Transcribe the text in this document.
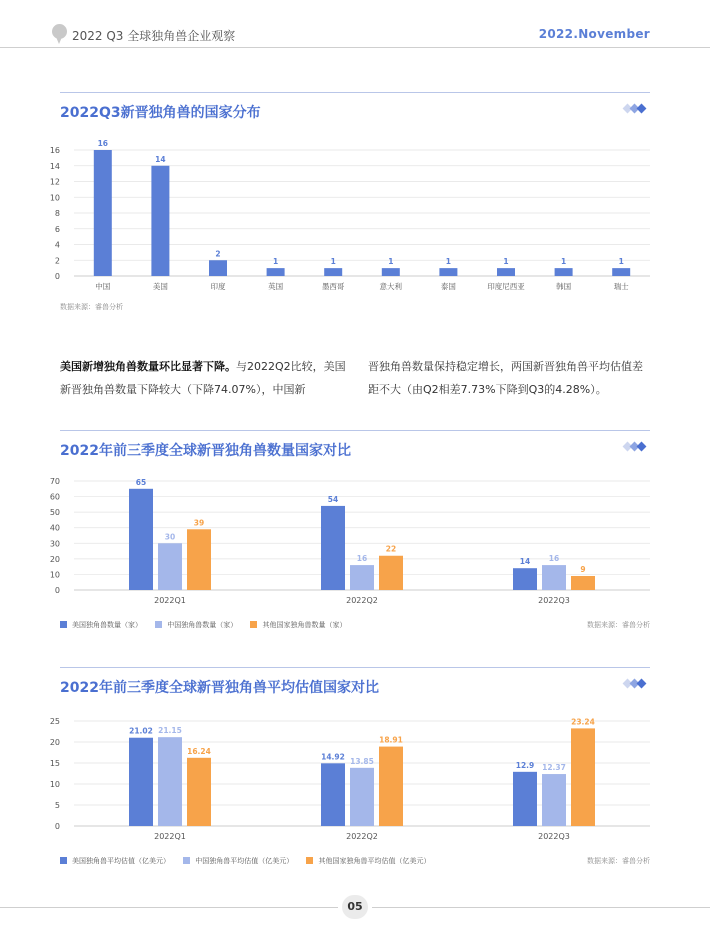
2022 Q3 全球独角兽企业观察	2022.November
2022Q3新晋独角兽的国家分布
0
2
4
6
8
10
12
14
16
16
中国
14
美国
2
印度
1
英国
1
墨西哥
1
意大利
1
泰国
1
印度尼西亚
1
韩国
1
瑞士
数据来源：睿兽分析
美国新增独角兽数量环比显著下降。与2022Q2比较，美国新晋独角兽数量下降较大（下降74.07%），中国新
晋独角兽数量保持稳定增长，两国新晋独角兽平均估值差距不大（由Q2相差7.73%下降到Q3的4.28%）。
2022年前三季度全球新晋独角兽数量国家对比
0
10
20
30
40
50
60
70	65
30
39
2022Q1
54
16
22
2022Q2
14 16
9
2022Q3
美国独角兽数量（家）	中国独角兽数量（家）	其他国家独角兽数量（家）	数据来源：睿兽分析
2022年前三季度全球新晋独角兽平均估值国家对比
0
5
10
15
20
25
21.02 21.15
16.24
2022Q1
14.92 13.85
18.91
2022Q2
12.9 12.37
23.24
2022Q3
美国独角兽平均估值（亿美元）	中国独角兽平均估值（亿美元）	其他国家独角兽平均估值（亿美元）	数据来源：睿兽分析
05
